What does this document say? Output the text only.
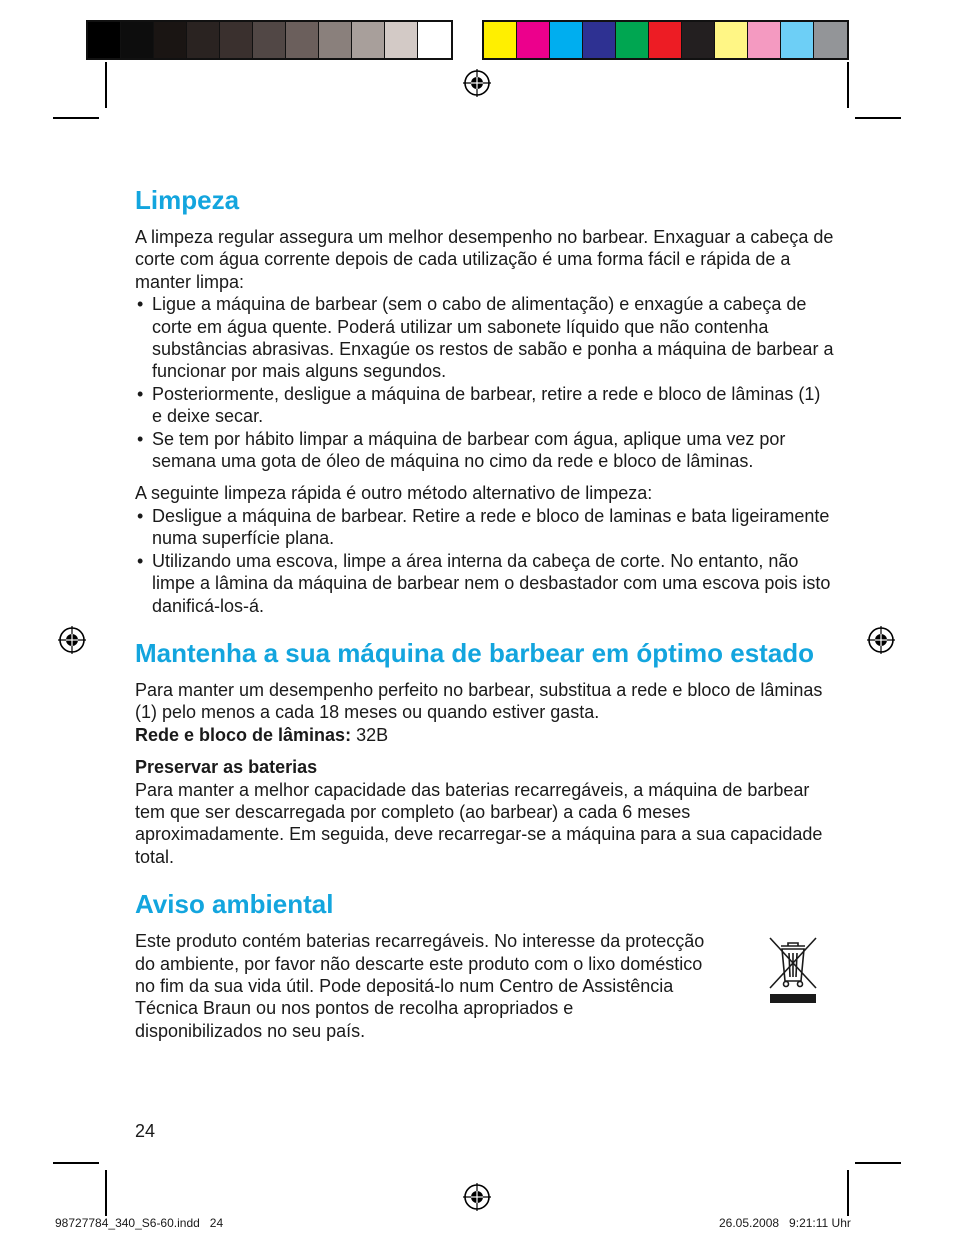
Limpeza

A limpeza regular assegura um melhor desempenho no barbear. Enxaguar a cabeça de corte com água corrente depois de cada utilização é uma forma fácil e rápida de a manter limpa:

• Ligue a máquina de barbear (sem o cabo de alimentação) e enxagúe a cabeça de corte em água quente. Poderá utilizar um sabonete líquido que não contenha substâncias abrasivas. Enxagúe os restos de sabão e ponha a máquina de barbear a funcionar por mais alguns segundos.
• Posteriormente, desligue a máquina de barbear, retire a rede e bloco de lâminas (1) e deixe secar.
• Se tem por hábito limpar a máquina de barbear com água, aplique uma vez por semana uma gota de óleo de máquina no cimo da rede e bloco de lâminas.

A seguinte limpeza rápida é outro método alternativo de limpeza:

• Desligue a máquina de barbear. Retire a rede e bloco de laminas e bata ligeiramente numa superfície plana.
• Utilizando uma escova, limpe a área interna da cabeça de corte. No entanto, não limpe a lâmina da máquina de barbear nem o desbastador com uma escova pois isto danificá-los-á.
Mantenha a sua máquina de barbear em óptimo estado

Para manter um desempenho perfeito no barbear, substitua a rede e bloco de lâminas (1) pelo menos a cada 18 meses ou quando estiver gasta.

Rede e bloco de lâminas: 32B

Preservar as baterias

Para manter a melhor capacidade das baterias recarregáveis, a máquina de barbear tem que ser descarregada por completo (ao barbear) a cada 6 meses aproximadamente. Em seguida, deve recarregar-se a máquina para a sua capacidade total.

Aviso ambiental

Este produto contém baterias recarregáveis. No interesse da protecção do ambiente, por favor não descarte este produto com o lixo doméstico no fim da sua vida útil. Pode depositá-lo num Centro de Assistência Técnica Braun ou nos pontos de recolha apropriados e disponibilizados no seu país.

24
98727784_340_S6-60.indd   24	26.05.2008   9:21:11 Uhr
